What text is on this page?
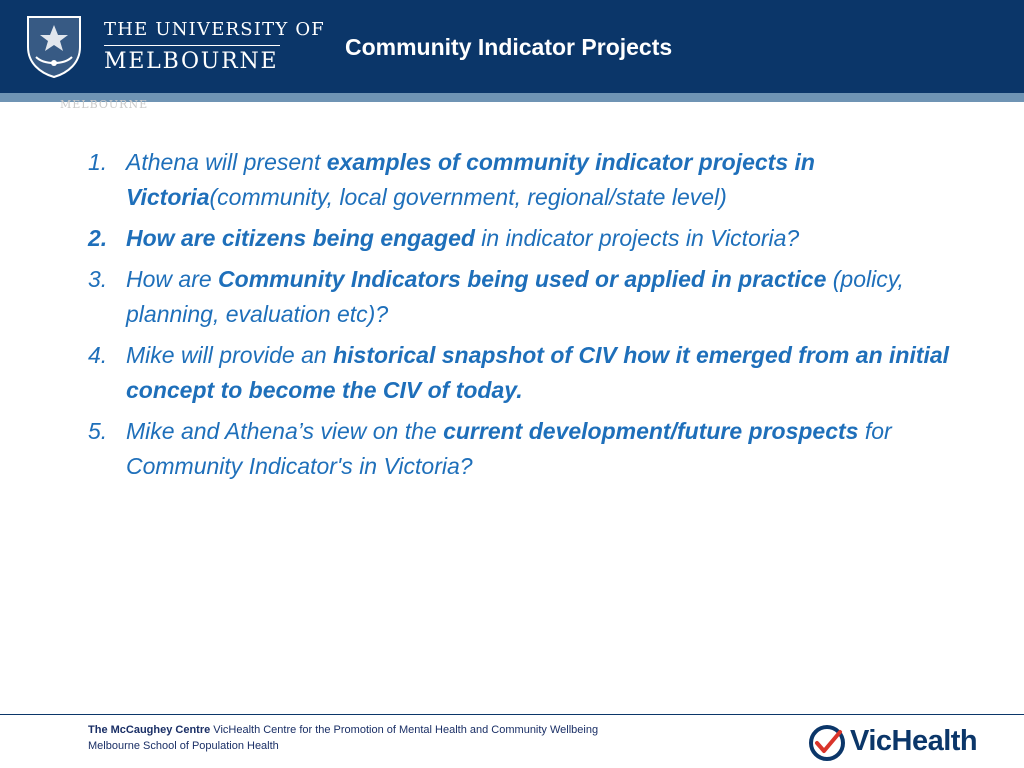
THE UNIVERSITY OF
MELBOURNE
Community Indicator Projects
MELBOURNE
1. Athena will present examples of community indicator projects in Victoria(community, local government, regional/state level)
2. How are citizens being engaged in indicator projects in Victoria?
3. How are Community Indicators being used or applied in practice (policy, planning, evaluation etc)?
4. Mike will provide an historical snapshot of CIV how it emerged from an initial concept to become the CIV of today.
5. Mike and Athena’s view on the current development/future prospects for Community Indicator's in Victoria?
The McCaughey Centre VicHealth Centre for the Promotion of Mental Health and Community Wellbeing
Melbourne School of Population Health	VicHealth
